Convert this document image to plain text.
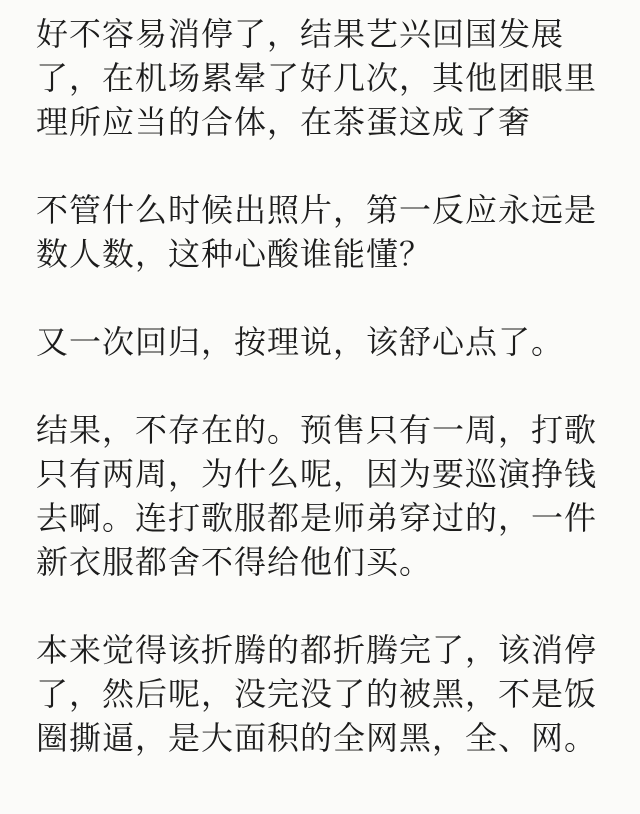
好不容易消停了，结果艺兴回国发展
了，在机场累晕了好几次，其他团眼里
理所应当的合体，在茶蛋这成了奢
不管什么时候出照片，第一反应永远是
数人数，这种心酸谁能懂？
又一次回归，按理说，该舒心点了。
结果，不存在的。预售只有一周，打歌
只有两周，为什么呢，因为要巡演挣钱
去啊。连打歌服都是师弟穿过的，一件
新衣服都舍不得给他们买。
本来觉得该折腾的都折腾完了，该消停
了，然后呢，没完没了的被黑，不是饭
圈撕逼，是大面积的全网黑，全、网。
